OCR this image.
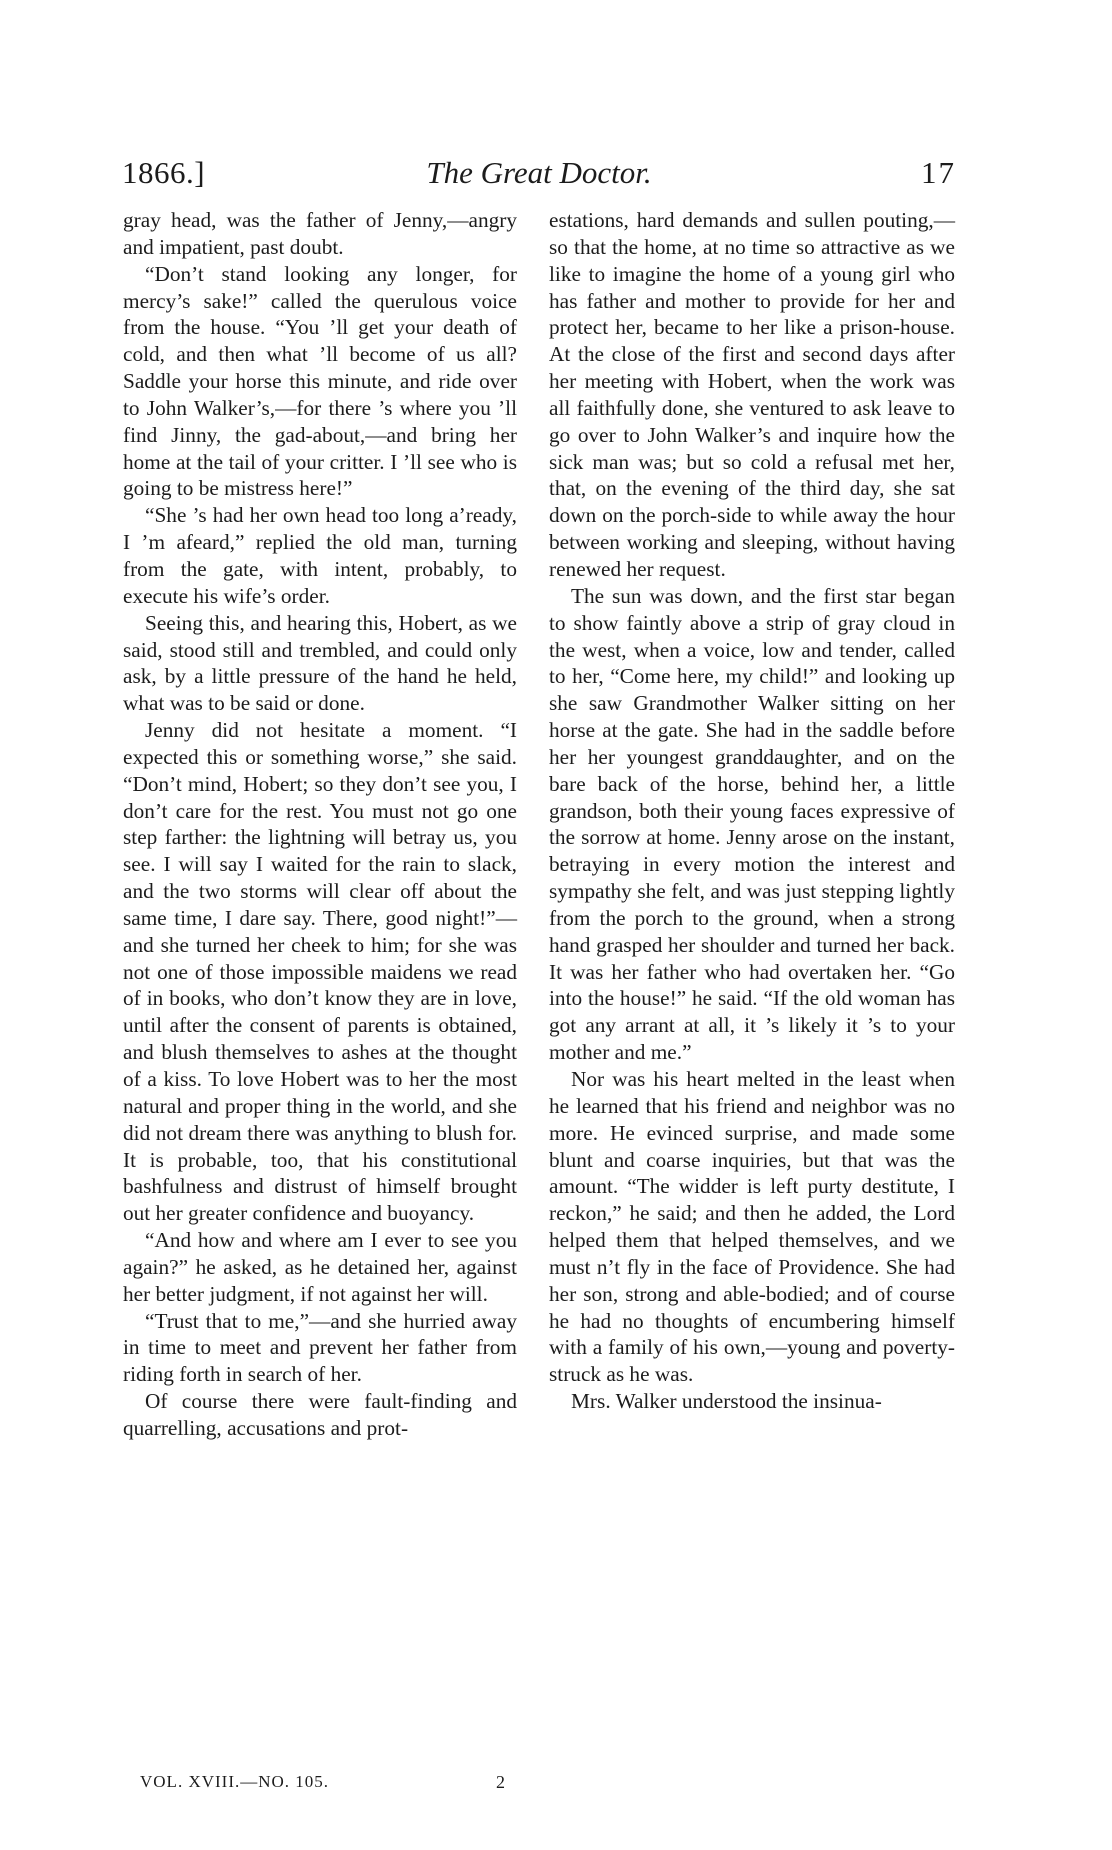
1866.]	The Great Doctor.	17

gray head, was the father of Jenny,—angry and impatient, past doubt.

“Don’t stand looking any longer, for mercy’s sake!” called the querulous voice from the house. “You ’ll get your death of cold, and then what ’ll become of us all? Saddle your horse this minute, and ride over to John Walker’s,—for there ’s where you ’ll find Jinny, the gad-about,—and bring her home at the tail of your critter. I ’ll see who is going to be mistress here!”

“She ’s had her own head too long a’ready, I ’m afeard,” replied the old man, turning from the gate, with intent, probably, to execute his wife’s order.

Seeing this, and hearing this, Hobert, as we said, stood still and trembled, and could only ask, by a little pressure of the hand he held, what was to be said or done.

Jenny did not hesitate a moment. “I expected this or something worse,” she said. “Don’t mind, Hobert; so they don’t see you, I don’t care for the rest. You must not go one step farther: the lightning will betray us, you see. I will say I waited for the rain to slack, and the two storms will clear off about the same time, I dare say. There, good night!”—and she turned her cheek to him; for she was not one of those impossible maidens we read of in books, who don’t know they are in love, until after the consent of parents is obtained, and blush themselves to ashes at the thought of a kiss. To love Hobert was to her the most natural and proper thing in the world, and she did not dream there was anything to blush for. It is probable, too, that his constitutional bashfulness and distrust of himself brought out her greater confidence and buoyancy.

“And how and where am I ever to see you again?” he asked, as he detained her, against her better judgment, if not against her will.

“Trust that to me,”—and she hurried away in time to meet and prevent her father from riding forth in search of her.

Of course there were fault-finding and quarrelling, accusations and prot-

estations, hard demands and sullen pouting,—so that the home, at no time so attractive as we like to imagine the home of a young girl who has father and mother to provide for her and protect her, became to her like a prison-house. At the close of the first and second days after her meeting with Hobert, when the work was all faithfully done, she ventured to ask leave to go over to John Walker’s and inquire how the sick man was; but so cold a refusal met her, that, on the evening of the third day, she sat down on the porch-side to while away the hour between working and sleeping, without having renewed her request.

The sun was down, and the first star began to show faintly above a strip of gray cloud in the west, when a voice, low and tender, called to her, “Come here, my child!” and looking up she saw Grandmother Walker sitting on her horse at the gate. She had in the saddle before her her youngest granddaughter, and on the bare back of the horse, behind her, a little grandson, both their young faces expressive of the sorrow at home. Jenny arose on the instant, betraying in every motion the interest and sympathy she felt, and was just stepping lightly from the porch to the ground, when a strong hand grasped her shoulder and turned her back. It was her father who had overtaken her. “Go into the house!” he said. “If the old woman has got any arrant at all, it ’s likely it ’s to your mother and me.”

Nor was his heart melted in the least when he learned that his friend and neighbor was no more. He evinced surprise, and made some blunt and coarse inquiries, but that was the amount. “The widder is left purty destitute, I reckon,” he said; and then he added, the Lord helped them that helped themselves, and we must n’t fly in the face of Providence. She had her son, strong and able-bodied; and of course he had no thoughts of encumbering himself with a family of his own,—young and poverty-struck as he was.

Mrs. Walker understood the insinua-

VOL. XVIII.—NO. 105.	2
